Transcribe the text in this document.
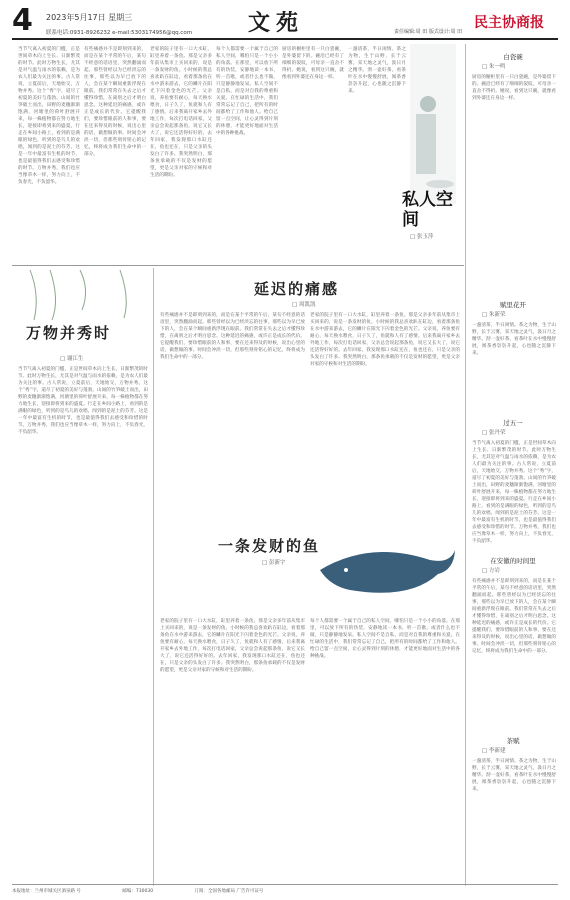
4 2023年5月17日 星期三
联系电话:0931-8926232 e-mail:5303174956@qq.com	文苑	民主协商报
责任编辑:周 田 版式设计:周 田
当节气离入初夏的门槛，正是世间草木向上生长、日渐繁茂的时节。此时万物生长，尤其是对气温与雨水的依赖，是为农人们最为关注的事。古人常说，立夏前后，天地始交，万物并秀。这个“秀”字，道尽了初夏的美好与蓬勃。山间的竹笋破土而出，田野的麦穗渐渐饱满，河塘里的荷叶舒展开来，每一株植物都在努力地生长，迎接即将到来的盛夏。行走在乡间小路上，看到的是满眼的绿色，听到的是鸟儿的欢唱，闻到的是泥土的芬芳。这是一年中最富有生机的时节，也是最值得我们去感受和珍惜的时节。万物并秀，我们也应当像草木一样，努力向上，不负春光，不负韶华。
有些痛感并不是即刻到来的，而是在某个平常的午后，某句不经意的话语里，突然翻涌而起。那些曾经以为已经淡忘的往事，那些以为早已放下的人，会在某个瞬间重新浮现在眼前。我们常常在失去之后才懂得珍惜，在离别之后才明白思念。这种延迟的痛感，或许正是成长的代价。它提醒我们，要珍惜眼前的人和事，要在还来得及的时候，说出心里的话，做想做的事。时间会冲淡一切，但那些刻骨铭心的记忆，终将成为我们生命中的一部分。
老家的院子里有一口大水缸，缸里养着一条鱼。那是父亲多年前从集市上买回来的，说是一条发财的鱼。小时候的我总喜欢趴在缸边，看着那条鱼在水中游来游去，它的鳞片在阳光下闪着金色的光芒。父亲说，养鱼要有耐心，每天换水喂食，日子久了，鱼就和人有了感情。后来我离开家乡去外地工作，每次打电话回家，父亲总会说起那条鱼，说它又长大了，说它还活得好好的。去年回家，我发现那口水缸还在，鱼也还在，只是父亲的头发白了许多。我突然明白，那条鱼承载的不仅是发财的愿望，更是父亲对家的守候和对生活的期盼。
每个人都需要一个属于自己的私人空间，哪怕只是一个小小的角落。在那里，可以放下所有的伪装，安静地读一本书，听一首歌，或者什么也不做，只是静静地发呆。私人空间不是自私，而是对自我的尊重和关爱。在忙碌的生活中，我们常常忘记了自己，把所有的时间都给了工作和他人。给自己留一点空间，让心灵得到片刻的休憩，才能更好地面对生活中的各种挑战。
厨房的橱柜里有一只白瓷碗，是外婆留下的。碗沿已经有了细细的裂纹，可母亲一直舍不得扔。她说，看到这只碗，就像看到外婆还在身边一样。
一盏清茶，半日闲情。茶之为物，生于山野，长于云雾，采天地之灵气，汲日月之精华。沏一壶好茶，看茶叶在水中慢慢舒展，闻茶香袅袅升起，心也随之沉静下来。
私人空间
□ 张玉萍
白瓷碗
□ 朱一鸣
厨房的橱柜里有一只白瓷碗，是外婆留下的。碗沿已经有了细细的裂纹，可母亲一直舍不得扔。她说，看到这只碗，就像看到外婆还在身边一样。
赋里花开
□ 朱新荣
一盏清茶，半日闲情。茶之为物，生于山野，长于云雾，采天地之灵气，汲日月之精华。沏一壶好茶，看茶叶在水中慢慢舒展，闻茶香袅袅升起，心也随之沉静下来。
过五一
□ 张丹荣
当节气离入初夏的门槛，正是世间草木向上生长、日渐繁茂的时节。此时万物生长，尤其是对气温与雨水的依赖，是为农人们最为关注的事。古人常说，立夏前后，天地始交，万物并秀。这个“秀”字，道尽了初夏的美好与蓬勃。山间的竹笋破土而出，田野的麦穗渐渐饱满，河塘里的荷叶舒展开来，每一株植物都在努力地生长，迎接即将到来的盛夏。行走在乡间小路上，看到的是满眼的绿色，听到的是鸟儿的欢唱，闻到的是泥土的芬芳。这是一年中最富有生机的时节，也是最值得我们去感受和珍惜的时节。万物并秀，我们也应当像草木一样，努力向上，不负春光，不负韶华。
在安徽的时间里
□ 方岩
有些痛感并不是即刻到来的，而是在某个平常的午后，某句不经意的话语里，突然翻涌而起。那些曾经以为已经淡忘的往事，那些以为早已放下的人，会在某个瞬间重新浮现在眼前。我们常常在失去之后才懂得珍惜，在离别之后才明白思念。这种延迟的痛感，或许正是成长的代价。它提醒我们，要珍惜眼前的人和事，要在还来得及的时候，说出心里的话，做想做的事。时间会冲淡一切，但那些刻骨铭心的记忆，终将成为我们生命中的一部分。
茶赋
□ 李新建
一盏清茶，半日闲情。茶之为物，生于山野，长于云雾，采天地之灵气，汲日月之精华。沏一壶好茶，看茶叶在水中慢慢舒展，闻茶香袅袅升起，心也随之沉静下来。
万物并秀时
□ 谢江生
当节气离入初夏的门槛，正是世间草木向上生长、日渐繁茂的时节。此时万物生长，尤其是对气温与雨水的依赖，是为农人们最为关注的事。古人常说，立夏前后，天地始交，万物并秀。这个“秀”字，道尽了初夏的美好与蓬勃。山间的竹笋破土而出，田野的麦穗渐渐饱满，河塘里的荷叶舒展开来，每一株植物都在努力地生长，迎接即将到来的盛夏。行走在乡间小路上，看到的是满眼的绿色，听到的是鸟儿的欢唱，闻到的是泥土的芬芳。这是一年中最富有生机的时节，也是最值得我们去感受和珍惜的时节。万物并秀，我们也应当像草木一样，努力向上，不负春光，不负韶华。
延迟的痛感
□ 周凯凯
有些痛感并不是即刻到来的，而是在某个平常的午后，某句不经意的话语里，突然翻涌而起。那些曾经以为已经淡忘的往事，那些以为早已放下的人，会在某个瞬间重新浮现在眼前。我们常常在失去之后才懂得珍惜，在离别之后才明白思念。这种延迟的痛感，或许正是成长的代价。它提醒我们，要珍惜眼前的人和事，要在还来得及的时候，说出心里的话，做想做的事。时间会冲淡一切，但那些刻骨铭心的记忆，终将成为我们生命中的一部分。
老家的院子里有一口大水缸，缸里养着一条鱼。那是父亲多年前从集市上买回来的，说是一条发财的鱼。小时候的我总喜欢趴在缸边，看着那条鱼在水中游来游去，它的鳞片在阳光下闪着金色的光芒。父亲说，养鱼要有耐心，每天换水喂食，日子久了，鱼就和人有了感情。后来我离开家乡去外地工作，每次打电话回家，父亲总会说起那条鱼，说它又长大了，说它还活得好好的。去年回家，我发现那口水缸还在，鱼也还在，只是父亲的头发白了许多。我突然明白，那条鱼承载的不仅是发财的愿望，更是父亲对家的守候和对生活的期盼。
一条发财的鱼
□ 彭新宇
老家的院子里有一口大水缸，缸里养着一条鱼。那是父亲多年前从集市上买回来的，说是一条发财的鱼。小时候的我总喜欢趴在缸边，看着那条鱼在水中游来游去，它的鳞片在阳光下闪着金色的光芒。父亲说，养鱼要有耐心，每天换水喂食，日子久了，鱼就和人有了感情。后来我离开家乡去外地工作，每次打电话回家，父亲总会说起那条鱼，说它又长大了，说它还活得好好的。去年回家，我发现那口水缸还在，鱼也还在，只是父亲的头发白了许多。我突然明白，那条鱼承载的不仅是发财的愿望，更是父亲对家的守候和对生活的期盼。
每个人都需要一个属于自己的私人空间，哪怕只是一个小小的角落。在那里，可以放下所有的伪装，安静地读一本书，听一首歌，或者什么也不做，只是静静地发呆。私人空间不是自私，而是对自我的尊重和关爱。在忙碌的生活中，我们常常忘记了自己，把所有的时间都给了工作和他人。给自己留一点空间，让心灵得到片刻的休憩，才能更好地面对生活中的各种挑战。
本报地址：兰州市城关区酒泉路 号	邮编：730030	订阅：全国各地邮局 广告许可证号
